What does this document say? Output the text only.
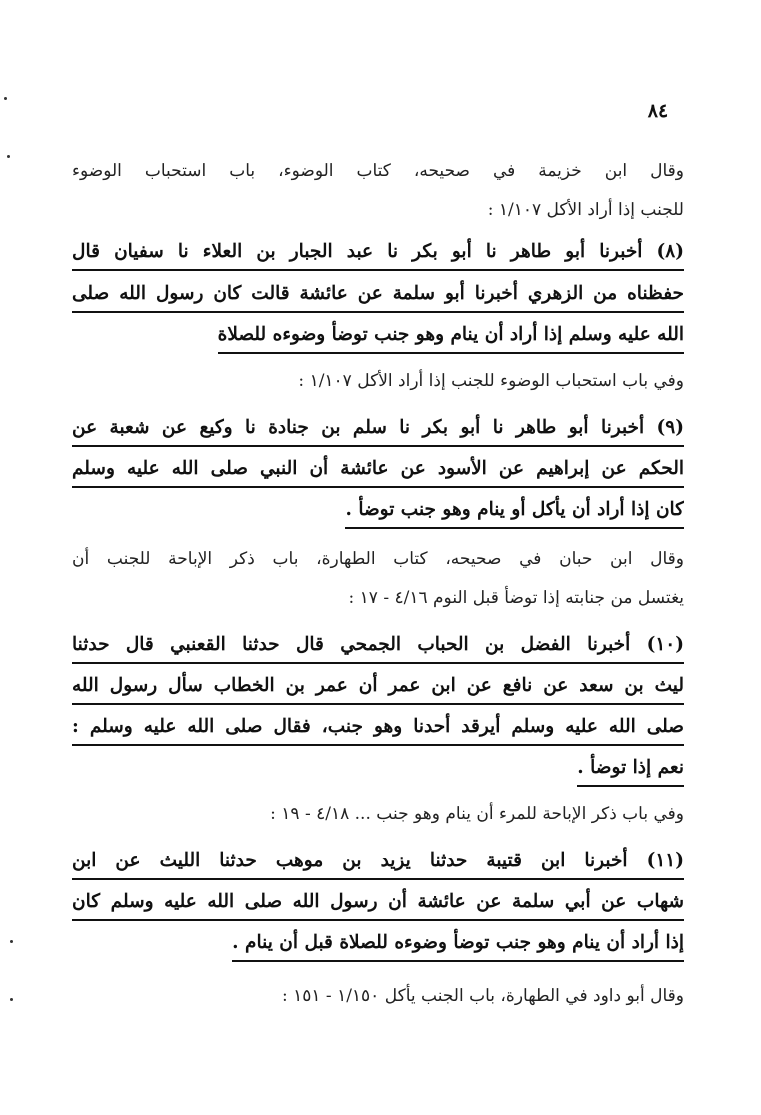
٨٤
وقال ابن خزيمة في صحيحه، كتاب الوضوء، باب استحباب الوضوء
للجنب إذا أراد الأكل ١/١٠٧ :
(٨) أخبرنا أبو طاهر نا أبو بكر نا عبد الجبار بن العلاء نا سفيان قال
حفظناه من الزهري أخبرنا أبو سلمة عن عائشة قالت كان رسول الله صلى
الله عليه وسلم إذا أراد أن ينام وهو جنب توضأ وضوءه للصلاة
وفي باب استحباب الوضوء للجنب إذا أراد الأكل ١/١٠٧ :
(٩) أخبرنا أبو طاهر نا أبو بكر نا سلم بن جنادة نا وكيع عن شعبة عن
الحكم عن إبراهيم عن الأسود عن عائشة أن النبي صلى الله عليه وسلم
كان إذا أراد أن يأكل أو ينام وهو جنب توضأ .
وقال ابن حبان في صحيحه، كتاب الطهارة، باب ذكر الإباحة للجنب أن
يغتسل من جنابته إذا توضأ قبل النوم ٤/١٦ - ١٧ :
(١٠) أخبرنا الفضل بن الحباب الجمحي قال حدثنا القعنبي قال حدثنا
ليث بن سعد عن نافع عن ابن عمر أن عمر بن الخطاب سأل رسول الله
صلى الله عليه وسلم أيرقد أحدنا وهو جنب، فقال صلى الله عليه وسلم :
نعم إذا توضأ .
وفي باب ذكر الإباحة للمرء أن ينام وهو جنب ... ٤/١٨ - ١٩ :
(١١) أخبرنا ابن قتيبة حدثنا يزيد بن موهب حدثنا الليث عن ابن
شهاب عن أبي سلمة عن عائشة أن رسول الله صلى الله عليه وسلم كان
إذا أراد أن ينام وهو جنب توضأ وضوءه للصلاة قبل أن ينام .
وقال أبو داود في الطهارة، باب الجنب يأكل ١/١٥٠ - ١٥١ :
